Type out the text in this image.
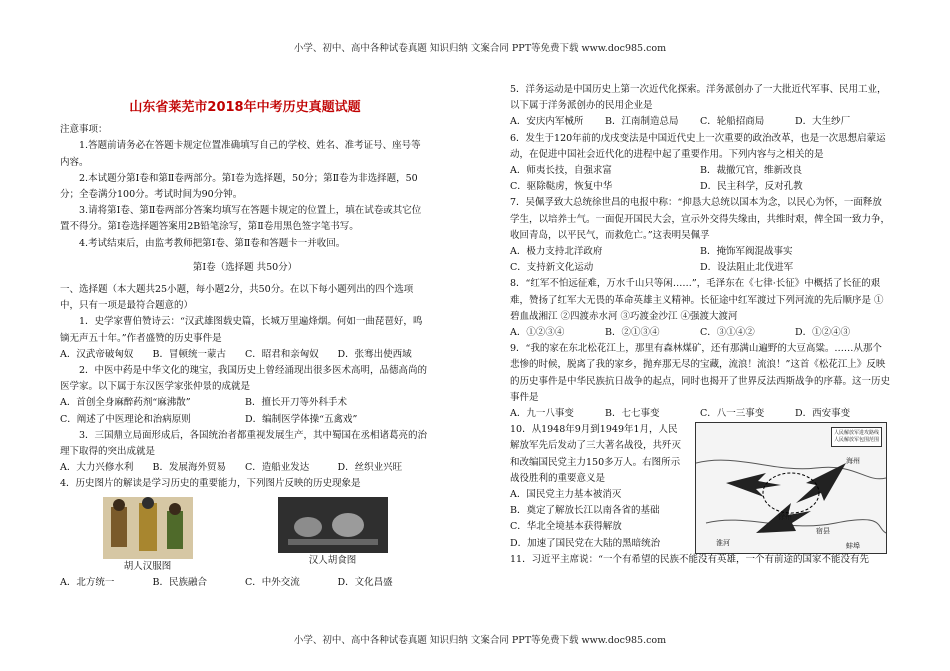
小学、初中、高中各种试卷真题 知识归纳 文案合同 PPT等免费下载 www.doc985.com
山东省莱芜市2018年中考历史真题试题

注意事项：

1.答题前请务必在答题卡规定位置准确填写自己的学校、姓名、准考证号、座号等内容。

2.本试题分第Ⅰ卷和第Ⅱ卷两部分。第Ⅰ卷为选择题，50分；第Ⅱ卷为非选择题，50分；全卷满分100分。考试时间为90分钟。

3.请将第Ⅰ卷、第Ⅱ卷两部分答案均填写在答题卡规定的位置上，填在试卷或其它位置不得分。第Ⅰ卷选择题答案用2B铅笔涂写，第Ⅱ卷用黑色签字笔书写。

4.考试结束后，由监考教师把第Ⅰ卷、第Ⅱ卷和答题卡一并收回。

第Ⅰ卷（选择题 共50分）

一、选择题（本大题共25小题，每小题2分，共50分。在以下每小题列出的四个选项中，只有一项是最符合题意的）

1．史学家曹伯赞诗云：“汉武雄图载史篇，长城万里遍烽烟。何如一曲琵琶好，鸣镝无声五十年。”作者盛赞的历史事件是

A．汉武帝破匈奴	B．冒顿统一蒙古	C．昭君和亲匈奴	D．张骞出使西域

2．中医中药是中华文化的瑰宝，我国历史上曾经涌现出很多医术高明，品德高尚的医学家。以下属于东汉医学家张仲景的成就是

A．首创全身麻醉药剂“麻沸散”	B．擅长开刀等外科手术
C．阐述了中医理论和治病原则	D．编制医学体操“五禽戏”

3．三国鼎立局面形成后，各国统治者都重视发展生产，其中蜀国在丞相诸葛亮的治理下取得的突出成就是

A．大力兴修水利	B．发展海外贸易	C．造船业发达	D．丝织业兴旺

4．历史图片的解读是学习历史的重要能力，下列图片反映的历史现象是

胡人汉服图
汉人胡食图
A．北方统一	B．民族融合	C．中外交流	D．文化昌盛

5．洋务运动是中国历史上第一次近代化探索。洋务派创办了一大批近代军事、民用工业，以下属于洋务派创办的民用企业是

A．安庆内军械所	B．江南制造总局	C．轮船招商局	D．大生纱厂

6．发生于120年前的戊戌变法是中国近代史上一次重要的政治改革，也是一次思想启蒙运动，在促进中国社会近代化的进程中起了重要作用。下列内容与之相关的是

A．师夷长技，自强求富	B．裁撤冗官，维新改良
C．驱除鞑虏，恢复中华	D．民主科学，反对孔教

7．吴佩孚致大总统徐世昌的电报中称：“抑恳大总统以国本为念，以民心为怀，一面释放学生，以培养士气。一面促开国民大会，宣示外交得失缘由，共维时艰，俾全国一致力争，收回青岛，以平民气，而救危亡。”这表明吴佩孚

A．极力支持北洋政府	B．掩饰军阀混战事实
C．支持新文化运动	D．设法阻止北伐进军

8．“红军不怕远征难，万水千山只等闲……”，毛泽东在《七律·长征》中概括了长征的艰难，赞扬了红军大无畏的革命英雄主义精神。长征途中红军渡过下列河流的先后顺序是 ①碧血战湘江 ②四渡赤水河 ③巧渡金沙江 ④强渡大渡河

A．①②③④	B．②①③④	C．③①④②	D．①②④③

9．“我的家在东北松花江上，那里有森林煤矿，还有那满山遍野的大豆高粱。……从那个悲惨的时候，脱离了我的家乡，抛弃那无尽的宝藏，流浪！流浪！”这首《松花江上》反映的历史事件是中华民族抗日战争的起点，同时也揭开了世界反法西斯战争的序幕。这一历史事件是

A．九一八事变	B．七七事变	C．八一三事变	D．西安事变

10．从1948年9月到1949年1月，人民解放军先后发动了三大著名战役，共歼灭和改编国民党主力150多万人。右图所示战役胜利的重要意义是

A．国民党主力基本被消灭

B．奠定了解放长江以南各省的基础

C．华北全境基本获得解放

D．加速了国民党在大陆的黑暗统治

人民解放军进攻路线
人民解放军包围范围
海州
徐州
淮河
宿县
蚌埠

11．习近平主席说：“一个有希望的民族不能没有英雄，一个有前途的国家不能没有先

小学、初中、高中各种试卷真题 知识归纳 文案合同 PPT等免费下载 www.doc985.com
